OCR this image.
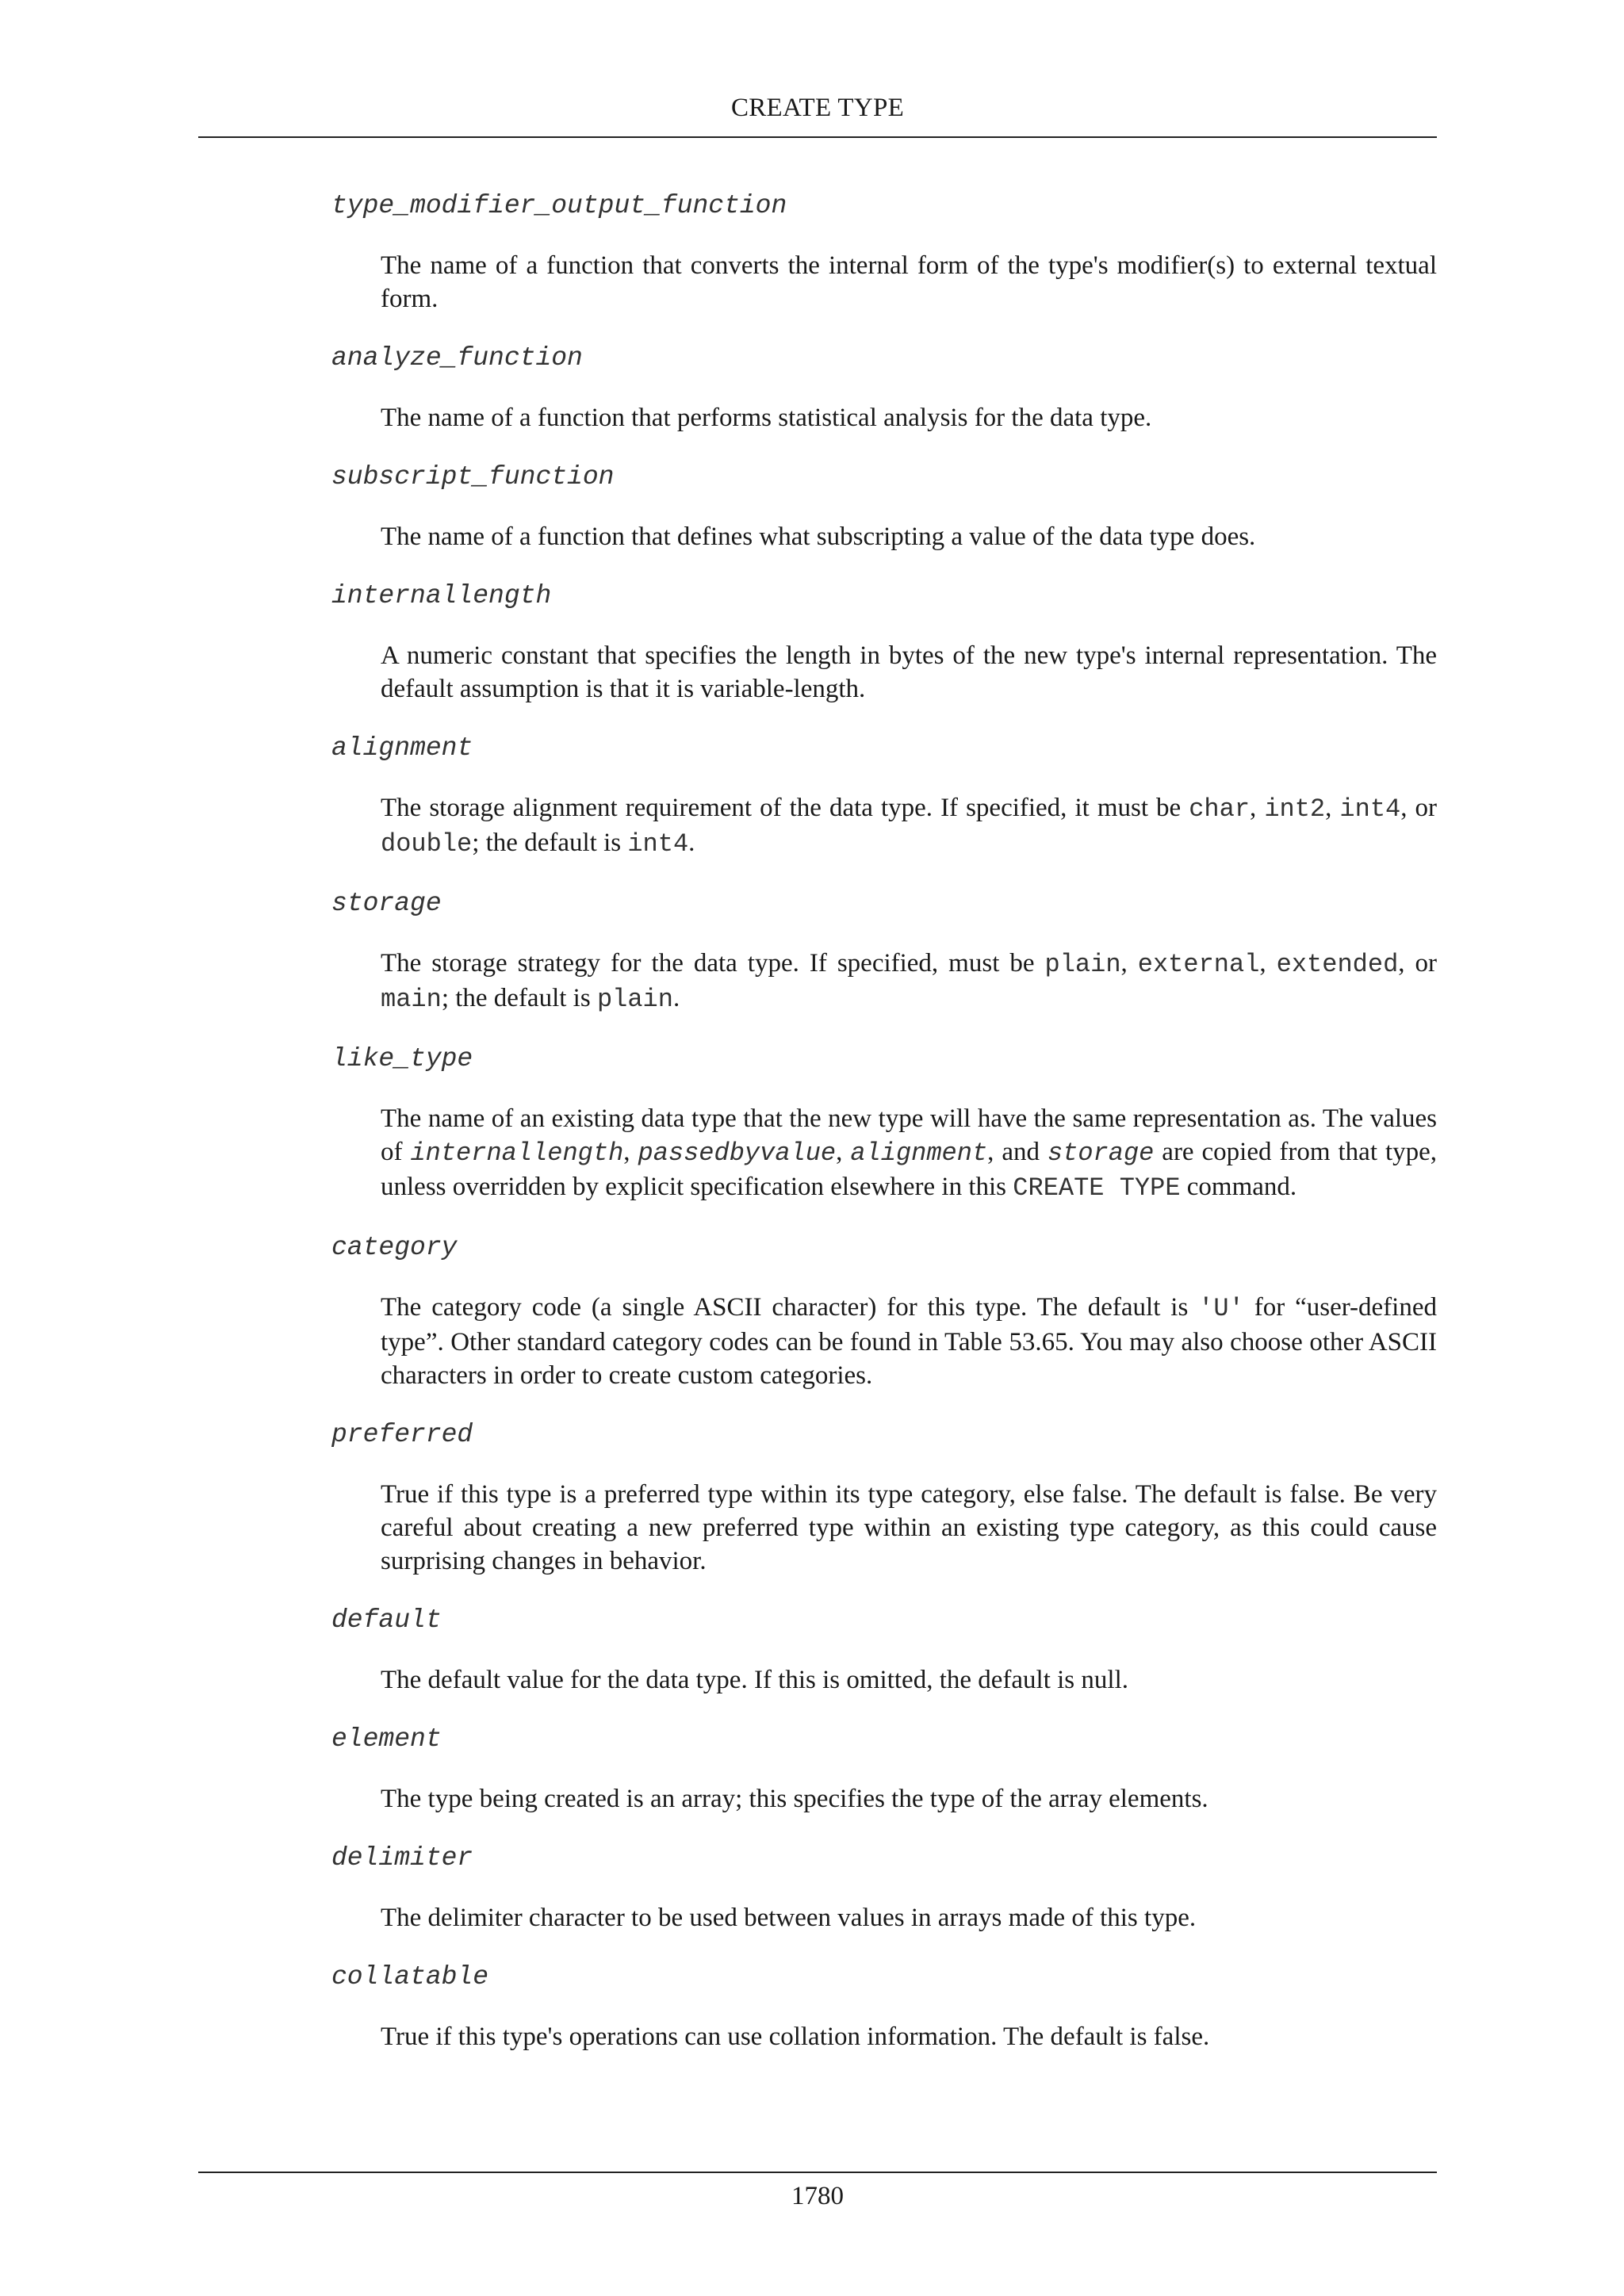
CREATE TYPE
type_modifier_output_function
The name of a function that converts the internal form of the type's modifier(s) to external textual form.
analyze_function
The name of a function that performs statistical analysis for the data type.
subscript_function
The name of a function that defines what subscripting a value of the data type does.
internallength
A numeric constant that specifies the length in bytes of the new type's internal representation. The default assumption is that it is variable-length.
alignment
The storage alignment requirement of the data type. If specified, it must be char, int2, int4, or double; the default is int4.
storage
The storage strategy for the data type. If specified, must be plain, external, extended, or main; the default is plain.
like_type
The name of an existing data type that the new type will have the same representation as. The values of internallength, passedbyvalue, alignment, and storage are copied from that type, unless overridden by explicit specification elsewhere in this CREATE TYPE command.
category
The category code (a single ASCII character) for this type. The default is 'U' for “user-defined type”. Other standard category codes can be found in Table 53.65. You may also choose other ASCII characters in order to create custom categories.
preferred
True if this type is a preferred type within its type category, else false. The default is false. Be very careful about creating a new preferred type within an existing type category, as this could cause surprising changes in behavior.
default
The default value for the data type. If this is omitted, the default is null.
element
The type being created is an array; this specifies the type of the array elements.
delimiter
The delimiter character to be used between values in arrays made of this type.
collatable
True if this type's operations can use collation information. The default is false.
1780
